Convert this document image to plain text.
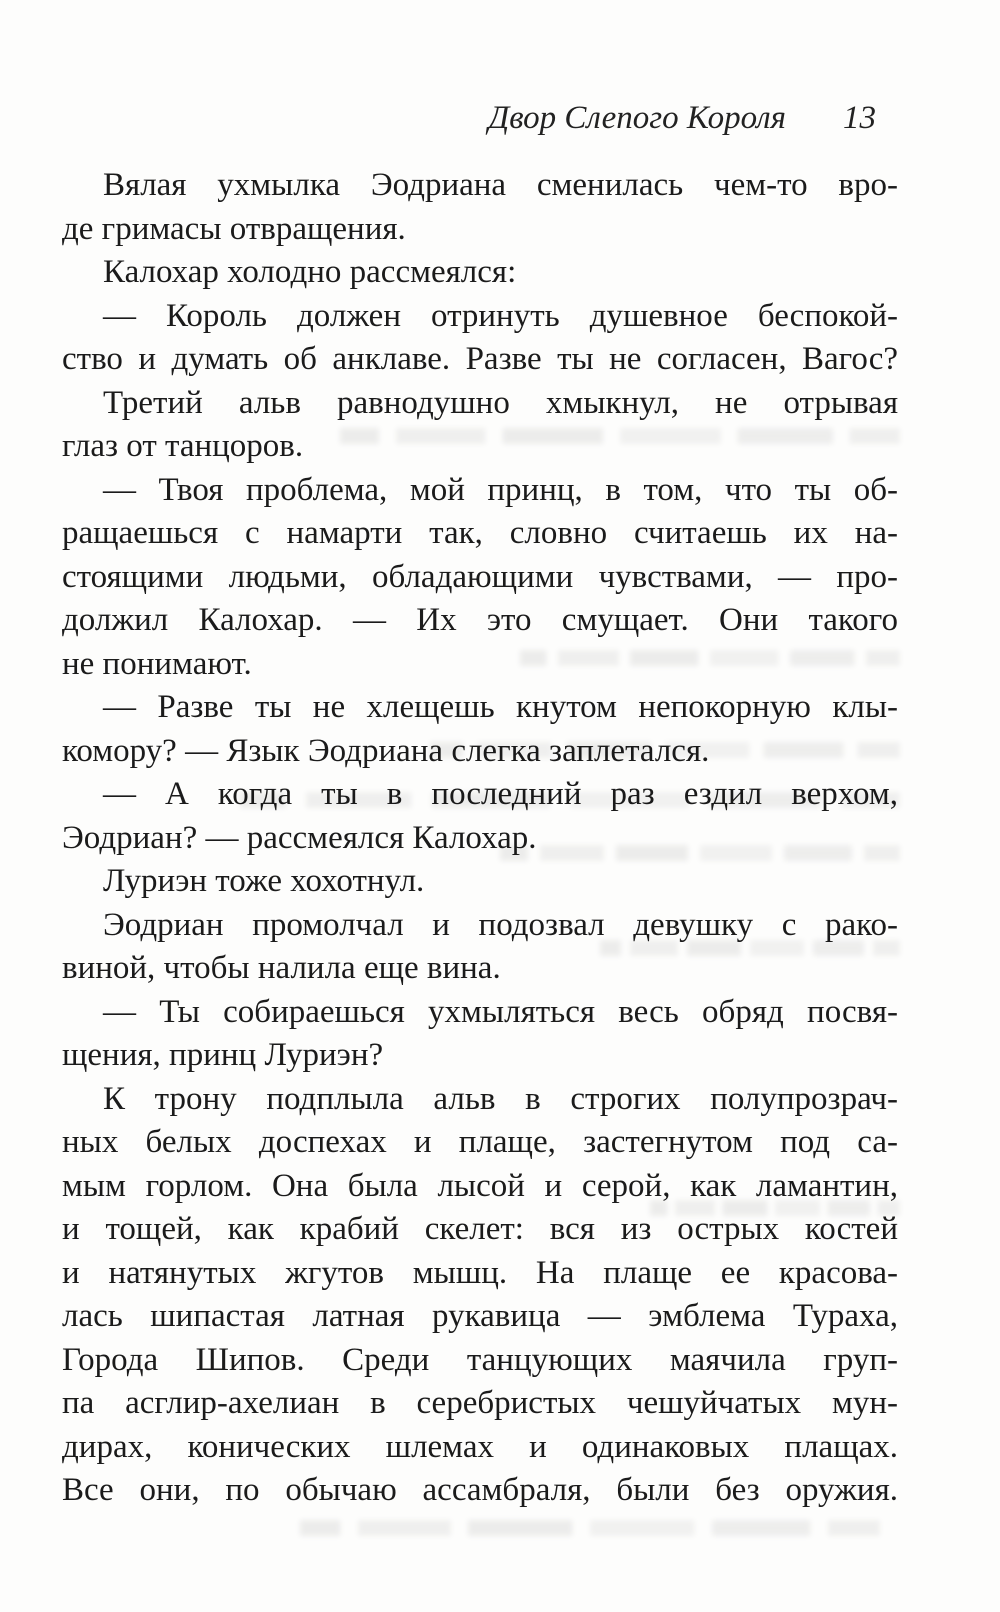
Двор Слепого Короля 13
Вялая ухмылка Эодриана сменилась чем-то вро-
де гримасы отвращения.
Калохар холодно рассмеялся:
— Король должен отринуть душевное беспокой-
ство и думать об анклаве. Разве ты не согласен, Вагос?
Третий альв равнодушно хмыкнул, не отрывая
глаз от танцоров.
— Твоя проблема, мой принц, в том, что ты об-
ращаешься с намарти так, словно считаешь их на-
стоящими людьми, обладающими чувствами, — про-
должил Калохар. — Их это смущает. Они такого
не понимают.
— Разве ты не хлещешь кнутом непокорную клы-
комору? — Язык Эодриана слегка заплетался.
— А когда ты в последний раз ездил верхом,
Эодриан? — рассмеялся Калохар.
Луриэн тоже хохотнул.
Эодриан промолчал и подозвал девушку с рако-
виной, чтобы налила еще вина.
— Ты собираешься ухмыляться весь обряд посвя-
щения, принц Луриэн?
К трону подплыла альв в строгих полупрозрач-
ных белых доспехах и плаще, застегнутом под са-
мым горлом. Она была лысой и серой, как ламантин,
и тощей, как крабий скелет: вся из острых костей
и натянутых жгутов мышц. На плаще ее красова-
лась шипастая латная рукавица — эмблема Тураха,
Города Шипов. Среди танцующих маячила груп-
па асглир-ахелиан в серебристых чешуйчатых мун-
дирах, конических шлемах и одинаковых плащах.
Все они, по обычаю ассамбраля, были без оружия.
